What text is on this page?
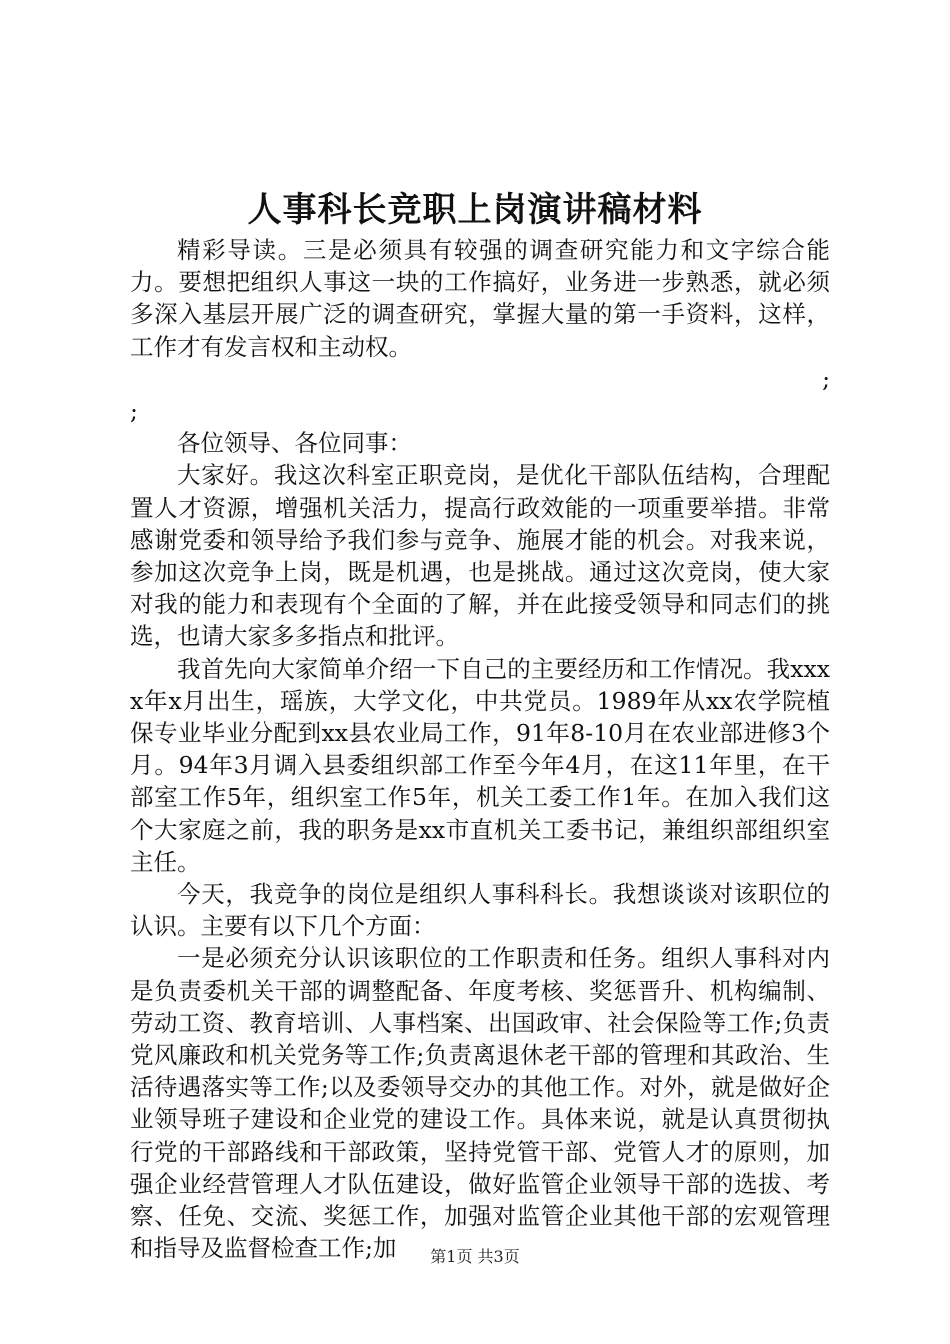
人事科长竞职上岗演讲稿材料

精彩导读。三是必须具有较强的调查研究能力和文字综合能力。要想把组织人事这一块的工作搞好，业务进一步熟悉，就必须多深入基层开展广泛的调查研究，掌握大量的第一手资料，这样，工作才有发言权和主动权。

;

;

各位领导、各位同事：

大家好。我这次科室正职竞岗，是优化干部队伍结构，合理配置人才资源，增强机关活力，提高行政效能的一项重要举措。非常感谢党委和领导给予我们参与竞争、施展才能的机会。对我来说，参加这次竞争上岗，既是机遇，也是挑战。通过这次竞岗，使大家对我的能力和表现有个全面的了解，并在此接受领导和同志们的挑选，也请大家多多指点和批评。

我首先向大家简单介绍一下自己的主要经历和工作情况。我xxxx年x月出生，瑶族，大学文化，中共党员。1989年从xx农学院植保专业毕业分配到xx县农业局工作，91年8-10月在农业部进修3个月。94年3月调入县委组织部工作至今年4月，在这11年里，在干部室工作5年，组织室工作5年，机关工委工作1年。在加入我们这个大家庭之前，我的职务是xx市直机关工委书记，兼组织部组织室主任。

今天，我竞争的岗位是组织人事科科长。我想谈谈对该职位的认识。主要有以下几个方面：

一是必须充分认识该职位的工作职责和任务。组织人事科对内是负责委机关干部的调整配备、年度考核、奖惩晋升、机构编制、劳动工资、教育培训、人事档案、出国政审、社会保险等工作;负责党风廉政和机关党务等工作;负责离退休老干部的管理和其政治、生活待遇落实等工作;以及委领导交办的其他工作。对外，就是做好企业领导班子建设和企业党的建设工作。具体来说，就是认真贯彻执行党的干部路线和干部政策，坚持党管干部、党管人才的原则，加强企业经营管理人才队伍建设，做好监管企业领导干部的选拔、考察、任免、交流、奖惩工作，加强对监管企业其他干部的宏观管理和指导及监督检查工作;加	第1页 共3页
